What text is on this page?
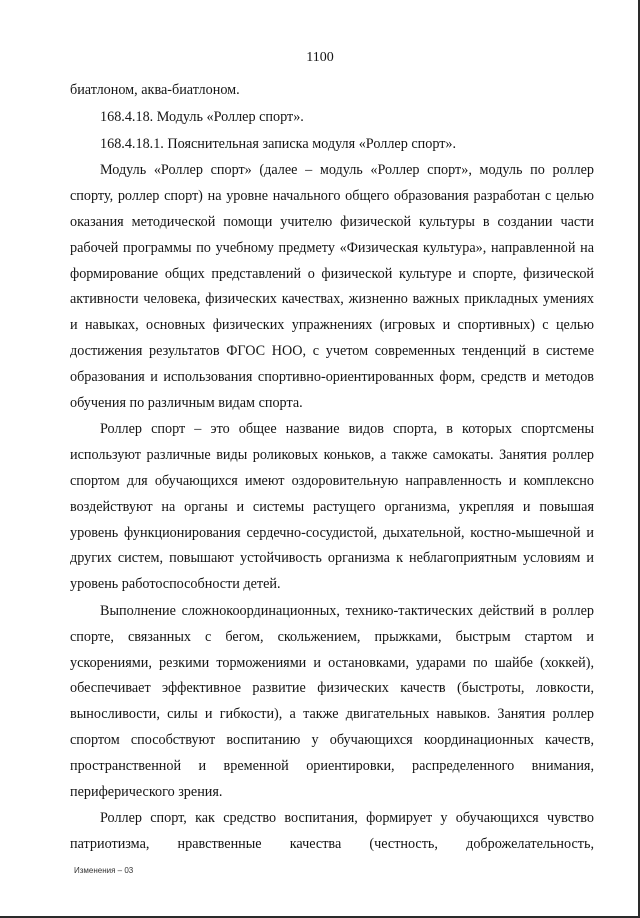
1100

биатлоном, аква-биатлоном.

168.4.18. Модуль «Роллер спорт».

168.4.18.1. Пояснительная записка модуля «Роллер спорт».

Модуль «Роллер спорт» (далее – модуль «Роллер спорт», модуль по роллер спорту, роллер спорт) на уровне начального общего образования разработан с целью оказания методической помощи учителю физической культуры в создании части рабочей программы по учебному предмету «Физическая культура», направленной на формирование общих представлений о физической культуре и спорте, физической активности человека, физических качествах, жизненно важных прикладных умениях и навыках, основных физических упражнениях (игровых и спортивных) с целью достижения результатов ФГОС НОО, с учетом современных тенденций в системе образования и использования спортивно-ориентированных форм, средств и методов обучения по различным видам спорта.

Роллер спорт – это общее название видов спорта, в которых спортсмены используют различные виды роликовых коньков, а также самокаты. Занятия роллер спортом для обучающихся имеют оздоровительную направленность и комплексно воздействуют на органы и системы растущего организма, укрепляя и повышая уровень функционирования сердечно-сосудистой, дыхательной, костно-мышечной и других систем, повышают устойчивость организма к неблагоприятным условиям и уровень работоспособности детей.

Выполнение сложнокоординационных, технико-тактических действий в роллер спорте, связанных с бегом, скольжением, прыжками, быстрым стартом и ускорениями, резкими торможениями и остановками, ударами по шайбе (хоккей), обеспечивает эффективное развитие физических качеств (быстроты, ловкости, выносливости, силы и гибкости), а также двигательных навыков. Занятия роллер спортом способствуют воспитанию у обучающихся координационных качеств, пространственной и временной ориентировки, распределенного внимания, периферического зрения.

Роллер спорт, как средство воспитания, формирует у обучающихся чувство патриотизма, нравственные качества (честность, доброжелательность,

Изменения – 03
